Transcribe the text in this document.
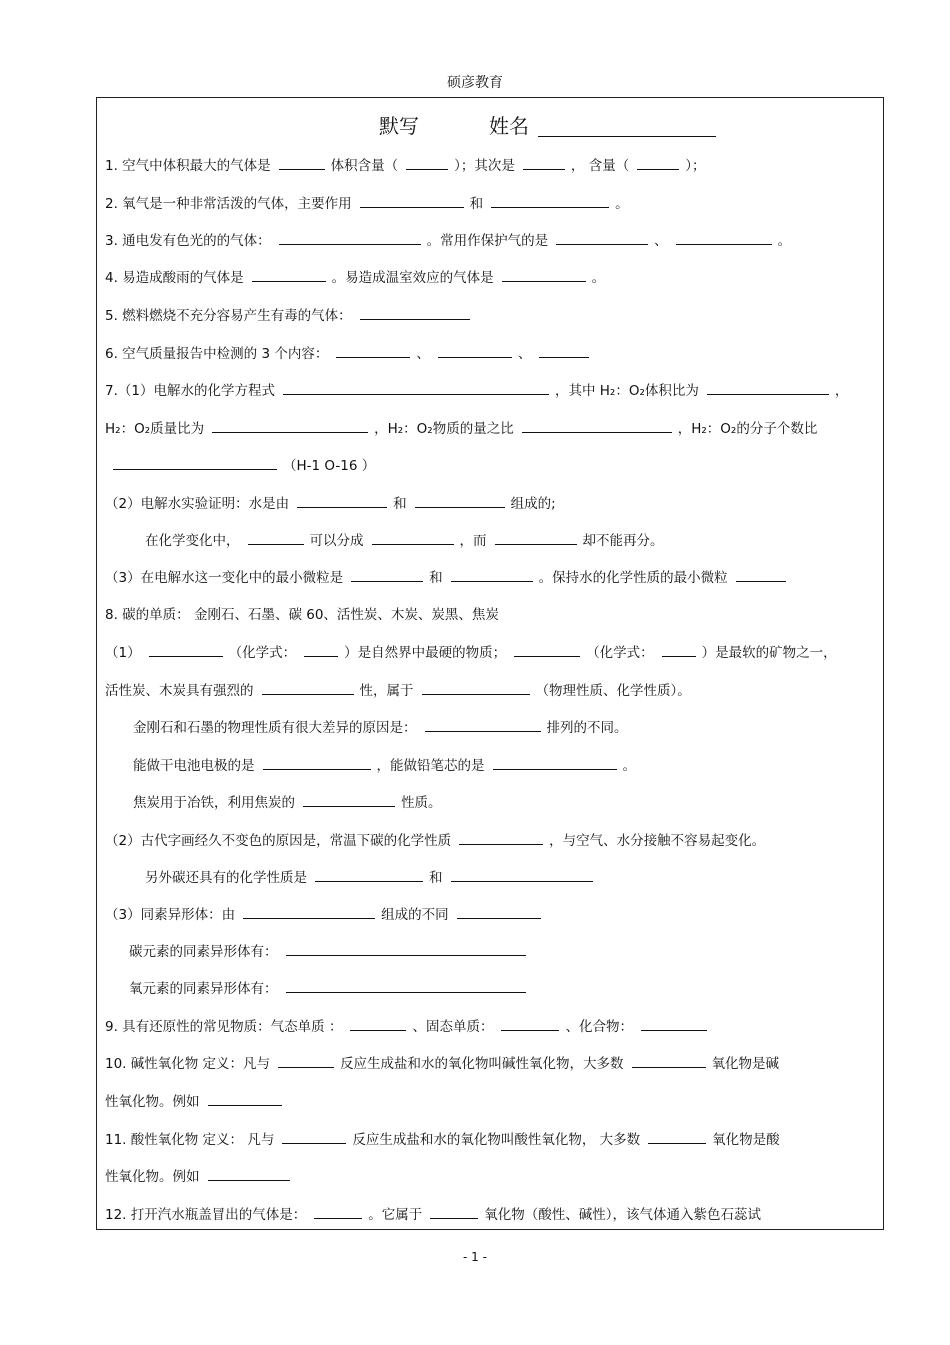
硕彦教育
默写	姓名
1. 空气中体积最大的气体是	体积含量（	）；其次是	， 含量（	）；
2. 氧气是一种非常活泼的气体，主要作用	和	。
3. 通电发有色光的的气体：	。常用作保护气的是	、	。
4. 易造成酸雨的气体是	。易造成温室效应的气体是	。
5. 燃料燃烧不充分容易产生有毒的气体：
6. 空气质量报告中检测的 3 个内容：	、	、
7.（1）电解水的化学方程式	，其中 H₂：O₂体积比为	，
H₂：O₂质量比为	，H₂：O₂物质的量之比	，H₂：O₂的分子个数比
（H-1 O-16 ）
（2）电解水实验证明：水是由	和	组成的;
在化学变化中，	可以分成	，而	却不能再分。
（3）在电解水这一变化中的最小微粒是	和	。保持水的化学性质的最小微粒
8. 碳的单质： 金刚石、石墨、碳 60、活性炭、木炭、炭黑、焦炭
（1）	（化学式：	）是自然界中最硬的物质；	（化学式：	）是最软的矿物之一，
活性炭、木炭具有强烈的	性，属于	（物理性质、化学性质）。
金刚石和石墨的物理性质有很大差异的原因是：	排列的不同。
能做干电池电极的是	，能做铅笔芯的是	。
焦炭用于冶铁，利用焦炭的	性质。
（2）古代字画经久不变色的原因是，常温下碳的化学性质	，与空气、水分接触不容易起变化。
另外碳还具有的化学性质是	和
（3）同素异形体：由	组成的不同
碳元素的同素异形体有：
氧元素的同素异形体有：
9. 具有还原性的常见物质：气态单质 ：	、固态单质：	、化合物：
10. 碱性氧化物 定义：凡与	反应生成盐和水的氧化物叫碱性氧化物，大多数	氧化物是碱
性氧化物。例如
11. 酸性氧化物 定义： 凡与	反应生成盐和水的氧化物叫酸性氧化物， 大多数	氧化物是酸
性氧化物。例如
12. 打开汽水瓶盖冒出的气体是：	。它属于	氧化物（酸性、碱性），该气体通入紫色石蕊试
- 1 -
